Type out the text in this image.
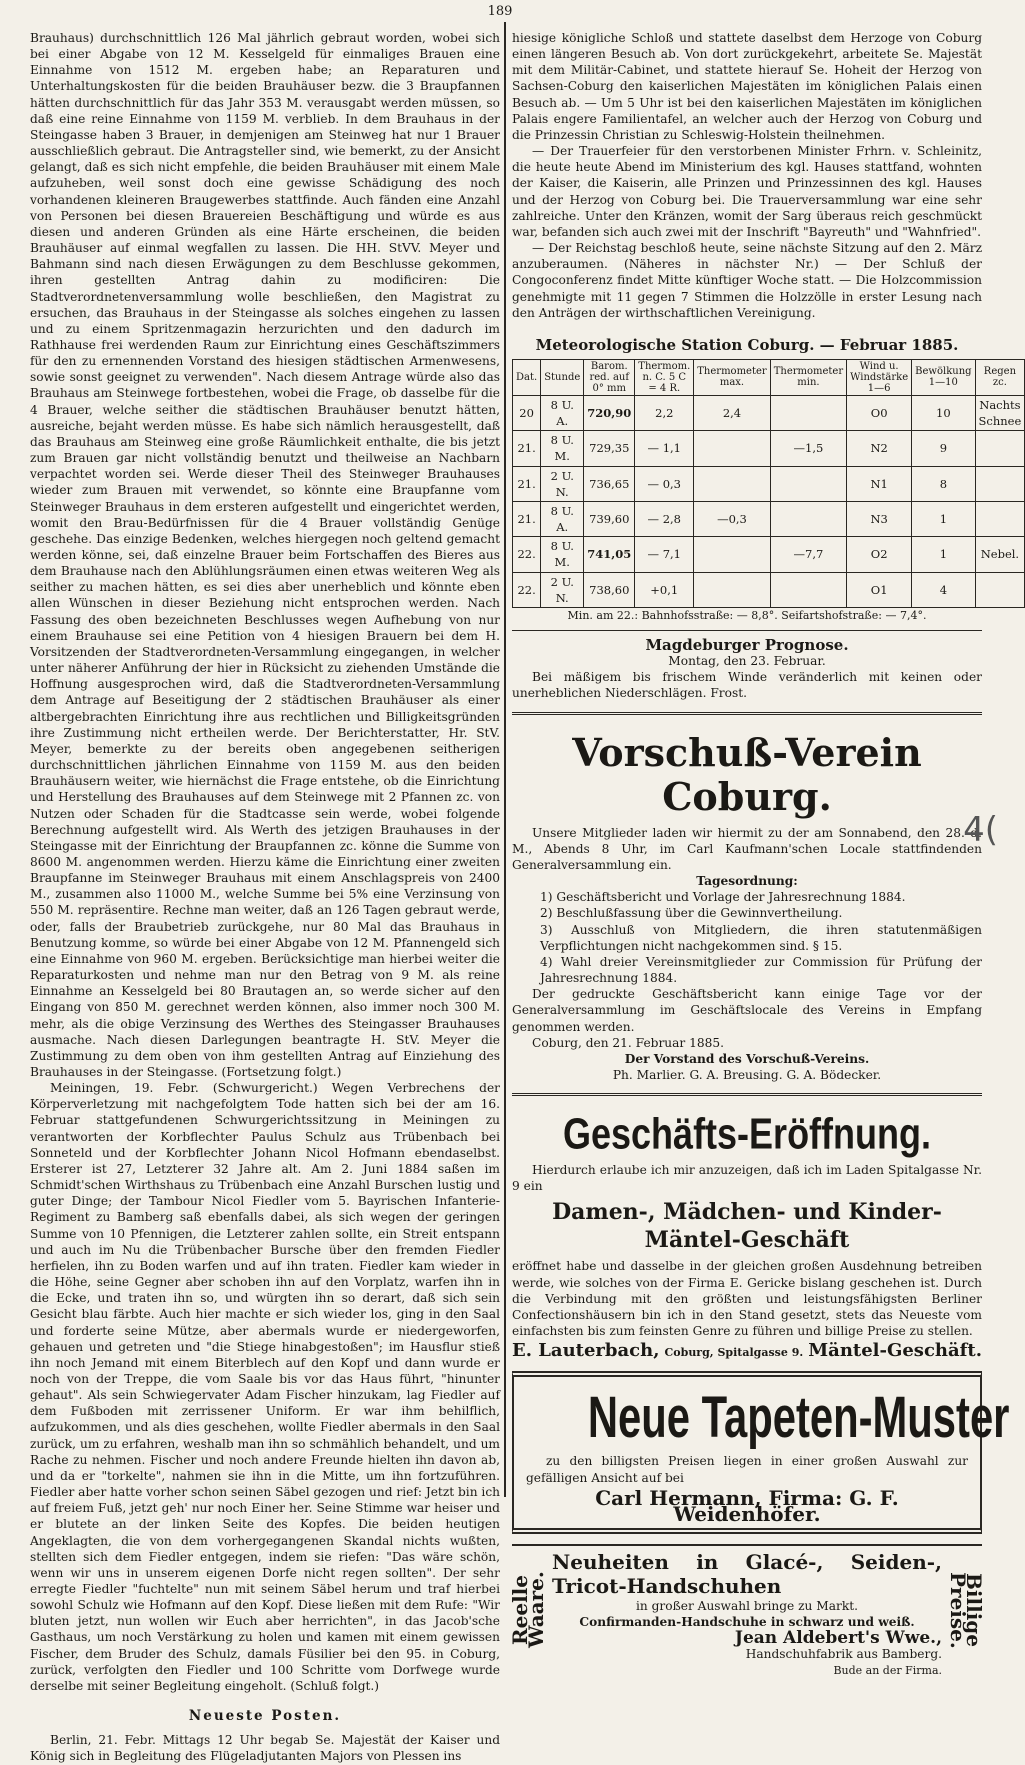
189

Brauhaus) durchschnittlich 126 Mal jährlich gebraut worden, wobei sich bei einer Abgabe von 12 M. Kesselgeld für einmaliges Brauen eine Einnahme von 1512 M. ergeben habe; an Reparaturen und Unterhaltungskosten für die beiden Brauhäuser bezw. die 3 Braupfannen hätten durchschnittlich für das Jahr 353 M. verausgabt werden müssen, so daß eine reine Einnahme von 1159 M. verblieb. In dem Brauhaus in der Steingasse haben 3 Brauer, in demjenigen am Steinweg hat nur 1 Brauer ausschließlich gebraut. Die Antragsteller sind, wie bemerkt, zu der Ansicht gelangt, daß es sich nicht empfehle, die beiden Brauhäuser mit einem Male aufzuheben, weil sonst doch eine gewisse Schädigung des noch vorhandenen kleineren Braugewerbes stattfinde. Auch fänden eine Anzahl von Personen bei diesen Brauereien Beschäftigung und würde es aus diesen und anderen Gründen als eine Härte erscheinen, die beiden Brauhäuser auf einmal wegfallen zu lassen. Die HH. StVV. Meyer und Bahmann sind nach diesen Erwägungen zu dem Beschlusse gekommen, ihren gestellten Antrag dahin zu modificiren: Die Stadtverordnetenversammlung wolle beschließen, den Magistrat zu ersuchen, das Brauhaus in der Steingasse als solches eingehen zu lassen und zu einem Spritzenmagazin herzurichten und den dadurch im Rathhause frei werdenden Raum zur Einrichtung eines Geschäftszimmers für den zu ernennenden Vorstand des hiesigen städtischen Armenwesens, sowie sonst geeignet zu verwenden". Nach diesem Antrage würde also das Brauhaus am Steinwege fortbestehen, wobei die Frage, ob dasselbe für die 4 Brauer, welche seither die städtischen Brauhäuser benutzt hätten, ausreiche, bejaht werden müsse. Es habe sich nämlich herausgestellt, daß das Brauhaus am Steinweg eine große Räumlichkeit enthalte, die bis jetzt zum Brauen gar nicht vollständig benutzt und theilweise an Nachbarn verpachtet worden sei. Werde dieser Theil des Steinweger Brauhauses wieder zum Brauen mit verwendet, so könnte eine Braupfanne vom Steinweger Brauhaus in dem ersteren aufgestellt und eingerichtet werden, womit den Brau-Bedürfnissen für die 4 Brauer vollständig Genüge geschehe. Das einzige Bedenken, welches hiergegen noch geltend gemacht werden könne, sei, daß einzelne Brauer beim Fortschaffen des Bieres aus dem Brauhause nach den Ablühlungsräumen einen etwas weiteren Weg als seither zu machen hätten, es sei dies aber unerheblich und könnte eben allen Wünschen in dieser Beziehung nicht entsprochen werden. Nach Fassung des oben bezeichneten Beschlusses wegen Aufhebung von nur einem Brauhause sei eine Petition von 4 hiesigen Brauern bei dem H. Vorsitzenden der Stadtverordneten-Versammlung eingegangen, in welcher unter näherer Anführung der hier in Rücksicht zu ziehenden Umstände die Hoffnung ausgesprochen wird, daß die Stadtverordneten-Versammlung dem Antrage auf Beseitigung der 2 städtischen Brauhäuser als einer altbergebrachten Einrichtung ihre aus rechtlichen und Billigkeitsgründen ihre Zustimmung nicht ertheilen werde. Der Berichterstatter, Hr. StV. Meyer, bemerkte zu der bereits oben angegebenen seitherigen durchschnittlichen jährlichen Einnahme von 1159 M. aus den beiden Brauhäusern weiter, wie hiernächst die Frage entstehe, ob die Einrichtung und Herstellung des Brauhauses auf dem Steinwege mit 2 Pfannen zc. von Nutzen oder Schaden für die Stadtcasse sein werde, wobei folgende Berechnung aufgestellt wird. Als Werth des jetzigen Brauhauses in der Steingasse mit der Einrichtung der Braupfannen zc. könne die Summe von 8600 M. angenommen werden. Hierzu käme die Einrichtung einer zweiten Braupfanne im Steinweger Brauhaus mit einem Anschlagspreis von 2400 M., zusammen also 11000 M., welche Summe bei 5% eine Verzinsung von 550 M. repräsentire. Rechne man weiter, daß an 126 Tagen gebraut werde, oder, falls der Braubetrieb zurückgehe, nur 80 Mal das Brauhaus in Benutzung komme, so würde bei einer Abgabe von 12 M. Pfannengeld sich eine Einnahme von 960 M. ergeben. Berücksichtige man hierbei weiter die Reparaturkosten und nehme man nur den Betrag von 9 M. als reine Einnahme an Kesselgeld bei 80 Brautagen an, so werde sicher auf den Eingang von 850 M. gerechnet werden können, also immer noch 300 M. mehr, als die obige Verzinsung des Werthes des Steingasser Brauhauses ausmache. Nach diesen Darlegungen beantragte H. StV. Meyer die Zustimmung zu dem oben von ihm gestellten Antrag auf Einziehung des Brauhauses in der Steingasse. (Fortsetzung folgt.)

Meiningen, 19. Febr. (Schwurgericht.) Wegen Verbrechens der Körperverletzung mit nachgefolgtem Tode hatten sich bei der am 16. Februar stattgefundenen Schwurgerichtssitzung in Meiningen zu verantworten der Korbflechter Paulus Schulz aus Trübenbach bei Sonneteld und der Korbflechter Johann Nicol Hofmann ebendaselbst. Ersterer ist 27, Letzterer 32 Jahre alt. Am 2. Juni 1884 saßen im Schmidt'schen Wirthshaus zu Trübenbach eine Anzahl Burschen lustig und guter Dinge; der Tambour Nicol Fiedler vom 5. Bayrischen Infanterie-Regiment zu Bamberg saß ebenfalls dabei, als sich wegen der geringen Summe von 10 Pfennigen, die Letzterer zahlen sollte, ein Streit entspann und auch im Nu die Trübenbacher Bursche über den fremden Fiedler herfielen, ihn zu Boden warfen und auf ihn traten. Fiedler kam wieder in die Höhe, seine Gegner aber schoben ihn auf den Vorplatz, warfen ihn in die Ecke, und traten ihn so, und würgten ihn so derart, daß sich sein Gesicht blau färbte. Auch hier machte er sich wieder los, ging in den Saal und forderte seine Mütze, aber abermals wurde er niedergeworfen, gehauen und getreten und "die Stiege hinabgestoßen"; im Hausflur stieß ihn noch Jemand mit einem Biterblech auf den Kopf und dann wurde er noch von der Treppe, die vom Saale bis vor das Haus führt, "hinunter gehaut". Als sein Schwiegervater Adam Fischer hinzukam, lag Fiedler auf dem Fußboden mit zerrissener Uniform. Er war ihm behilflich, aufzukommen, und als dies geschehen, wollte Fiedler abermals in den Saal zurück, um zu erfahren, weshalb man ihn so schmählich behandelt, und um Rache zu nehmen. Fischer und noch andere Freunde hielten ihn davon ab, und da er "torkelte", nahmen sie ihn in die Mitte, um ihn fortzuführen. Fiedler aber hatte vorher schon seinen Säbel gezogen und rief: Jetzt bin ich auf freiem Fuß, jetzt geh' nur noch Einer her. Seine Stimme war heiser und er blutete an der linken Seite des Kopfes. Die beiden heutigen Angeklagten, die von dem vorhergegangenen Skandal nichts wußten, stellten sich dem Fiedler entgegen, indem sie riefen: "Das wäre schön, wenn wir uns in unserem eigenen Dorfe nicht regen sollten". Der sehr erregte Fiedler "fuchtelte" nun mit seinem Säbel herum und traf hierbei sowohl Schulz wie Hofmann auf den Kopf. Diese ließen mit dem Rufe: "Wir bluten jetzt, nun wollen wir Euch aber herrichten", in das Jacob'sche Gasthaus, um noch Verstärkung zu holen und kamen mit einem gewissen Fischer, dem Bruder des Schulz, damals Füsilier bei den 95. in Coburg, zurück, verfolgten den Fiedler und 100 Schritte vom Dorfwege wurde derselbe mit seiner Begleitung eingeholt. (Schluß folgt.)

Neueste Posten.

Berlin, 21. Febr. Mittags 12 Uhr begab Se. Majestät der Kaiser und König sich in Begleitung des Flügeladjutanten Majors von Plessen ins

hiesige königliche Schloß und stattete daselbst dem Herzoge von Coburg einen längeren Besuch ab. Von dort zurückgekehrt, arbeitete Se. Majestät mit dem Militär-Cabinet, und stattete hierauf Se. Hoheit der Herzog von Sachsen-Coburg den kaiserlichen Majestäten im königlichen Palais einen Besuch ab. — Um 5 Uhr ist bei den kaiserlichen Majestäten im königlichen Palais engere Familientafel, an welcher auch der Herzog von Coburg und die Prinzessin Christian zu Schleswig-Holstein theilnehmen.

— Der Trauerfeier für den verstorbenen Minister Frhrn. v. Schleinitz, die heute heute Abend im Ministerium des kgl. Hauses stattfand, wohnten der Kaiser, die Kaiserin, alle Prinzen und Prinzessinnen des kgl. Hauses und der Herzog von Coburg bei. Die Trauerversammlung war eine sehr zahlreiche. Unter den Kränzen, womit der Sarg überaus reich geschmückt war, befanden sich auch zwei mit der Inschrift "Bayreuth" und "Wahnfried".

— Der Reichstag beschloß heute, seine nächste Sitzung auf den 2. März anzuberaumen. (Näheres in nächster Nr.) — Der Schluß der Congoconferenz findet Mitte künftiger Woche statt. — Die Holzcommission genehmigte mit 11 gegen 7 Stimmen die Holzzölle in erster Lesung nach den Anträgen der wirthschaftlichen Vereinigung.

Meteorologische Station Coburg. — Februar 1885.
Dat.	Stunde	Barom. red. auf 0° mm	Thermom. n. C. 5 C = 4 R.	Thermometer max.	Thermometer min.	Wind u. Windstärke 1—6	Bewölkung 1—10	Regen zc.
20	8 U. A.	720,90	2,2	2,4		O0	10	Nachts Schnee
21.	8 U. M.	729,35	— 1,1		—1,5	N2	9	
21.	2 U. N.	736,65	— 0,3			N1	8	
21.	8 U. A.	739,60	— 2,8	—0,3		N3	1	
22.	8 U. M.	741,05	— 7,1		—7,7	O2	1	Nebel.
22.	2 U. N.	738,60	+0,1			O1	4	
Min. am 22.: Bahnhofsstraße: — 8,8°. Seifartshofstraße: — 7,4°.
Magdeburger Prognose.
Montag, den 23. Februar.

Bei mäßigem bis frischem Winde veränderlich mit keinen oder unerheblichen Niederschlägen. Frost.

Vorschuß-Verein Coburg.

Unsere Mitglieder laden wir hiermit zu der am Sonnabend, den 28. d. M., Abends 8 Uhr, im Carl Kaufmann'schen Locale stattfindenden Generalversammlung ein.

Tagesordnung:
1) Geschäftsbericht und Vorlage der Jahresrechnung 1884.
2) Beschlußfassung über die Gewinnvertheilung.
3) Ausschluß von Mitgliedern, die ihren statutenmäßigen Verpflichtungen nicht nachgekommen sind. § 15.
4) Wahl dreier Vereinsmitglieder zur Commission für Prüfung der Jahresrechnung 1884.

Der gedruckte Geschäftsbericht kann einige Tage vor der Generalversammlung im Geschäftslocale des Vereins in Empfang genommen werden.

Coburg, den 21. Februar 1885.

Der Vorstand des Vorschuß-Vereins.
Ph. Marlier. G. A. Breusing. G. A. Bödecker.
Geschäfts-Eröffnung.

Hierdurch erlaube ich mir anzuzeigen, daß ich im Laden Spitalgasse Nr. 9 ein

Damen-, Mädchen- und Kinder-Mäntel-Geschäft

eröffnet habe und dasselbe in der gleichen großen Ausdehnung betreiben werde, wie solches von der Firma E. Gericke bislang geschehen ist. Durch die Verbindung mit den größten und leistungsfähigsten Berliner Confectionshäusern bin ich in den Stand gesetzt, stets das Neueste vom einfachsten bis zum feinsten Genre zu führen und billige Preise zu stellen.

E. Lauterbach, Coburg, Spitalgasse 9. Mäntel-Geschäft.
Neue Tapeten-Muster

zu den billigsten Preisen liegen in einer großen Auswahl zur gefälligen Ansicht auf bei

Carl Hermann, Firma: G. F. Weidenhöfer.
Reelle Waare.
Neuheiten in Glacé-, Seiden-, Tricot-Handschuhen
in großer Auswahl bringe zu Markt.
Confirmanden-Handschuhe in schwarz und weiß.
Jean Aldebert's Wwe.,
Handschuhfabrik aus Bamberg.
Bude an der Firma.
Billige Preise.
4(
